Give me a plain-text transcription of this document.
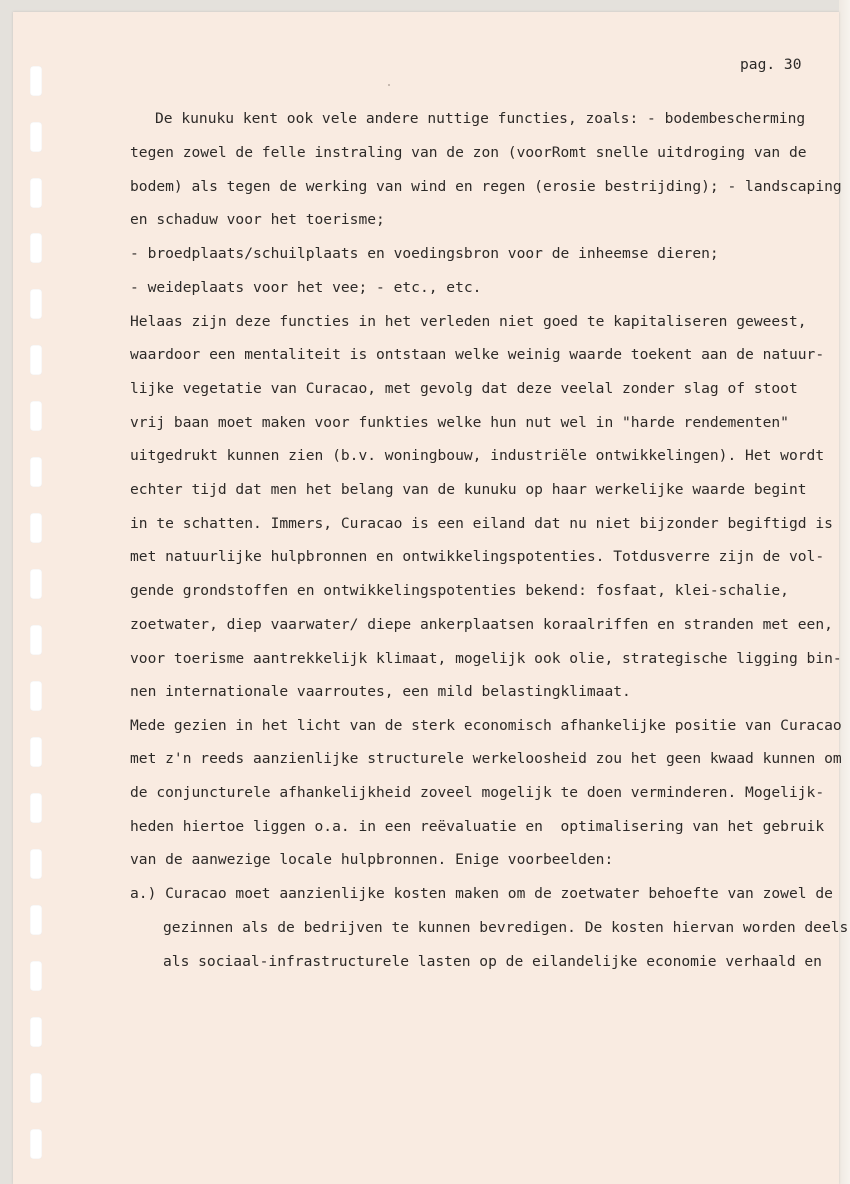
pag. 30
De kunuku kent ook vele andere nuttige functies, zoals: - bodembescherming
tegen zowel de felle instraling van de zon (voorRomt snelle uitdroging van de
bodem) als tegen de werking van wind en regen (erosie bestrijding); - landscaping
en schaduw voor het toerisme;
- broedplaats/schuilplaats en voedingsbron voor de inheemse dieren;
- weideplaats voor het vee; - etc., etc.
Helaas zijn deze functies in het verleden niet goed te kapitaliseren geweest,
waardoor een mentaliteit is ontstaan welke weinig waarde toekent aan de natuur-
lijke vegetatie van Curacao, met gevolg dat deze veelal zonder slag of stoot
vrij baan moet maken voor funkties welke hun nut wel in "harde rendementen"
uitgedrukt kunnen zien (b.v. woningbouw, industriële ontwikkelingen). Het wordt
echter tijd dat men het belang van de kunuku op haar werkelijke waarde begint
in te schatten. Immers, Curacao is een eiland dat nu niet bijzonder begiftigd is
met natuurlijke hulpbronnen en ontwikkelingspotenties. Totdusverre zijn de vol-
gende grondstoffen en ontwikkelingspotenties bekend: fosfaat, klei-schalie,
zoetwater, diep vaarwater/ diepe ankerplaatsen koraalriffen en stranden met een,
voor toerisme aantrekkelijk klimaat, mogelijk ook olie, strategische ligging bin-
nen internationale vaarroutes, een mild belastingklimaat.
Mede gezien in het licht van de sterk economisch afhankelijke positie van Curacao
met z'n reeds aanzienlijke structurele werkeloosheid zou het geen kwaad kunnen om
de conjuncturele afhankelijkheid zoveel mogelijk te doen verminderen. Mogelijk-
heden hiertoe liggen o.a. in een reëvaluatie en  optimalisering van het gebruik
van de aanwezige locale hulpbronnen. Enige voorbeelden:
a.) Curacao moet aanzienlijke kosten maken om de zoetwater behoefte van zowel de
gezinnen als de bedrijven te kunnen bevredigen. De kosten hiervan worden deels
als sociaal-infrastructurele lasten op de eilandelijke economie verhaald en
